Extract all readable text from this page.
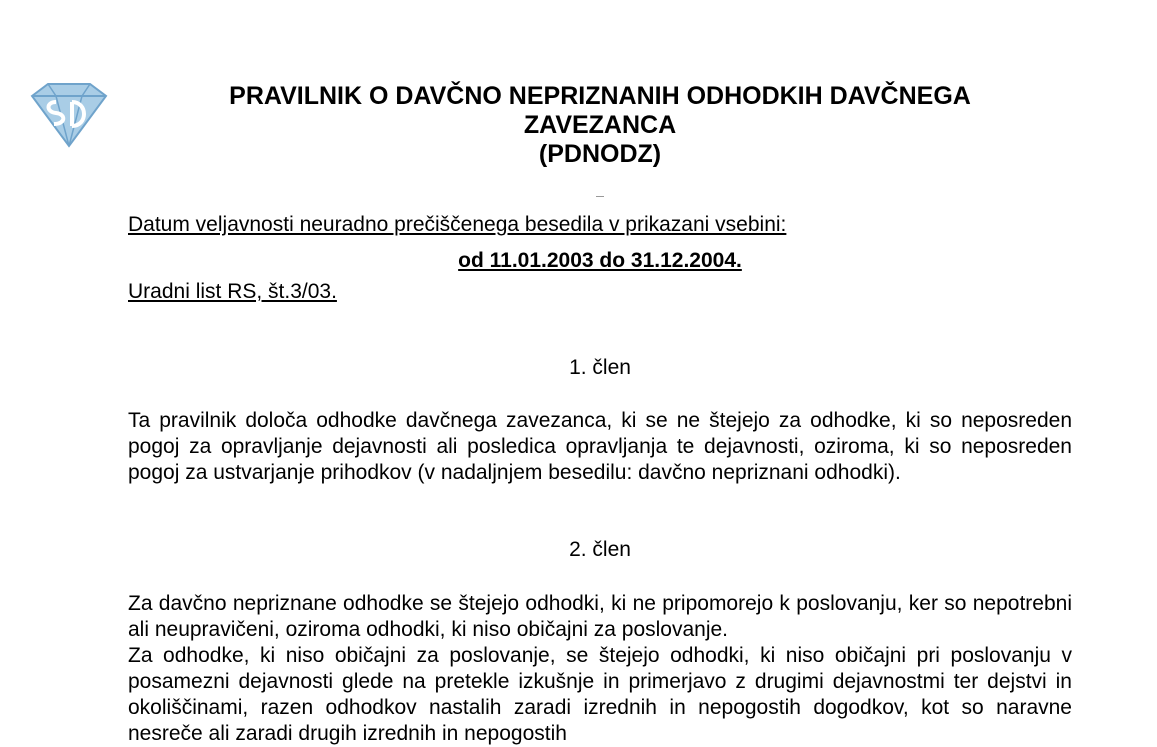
PRAVILNIK O DAVČNO NEPRIZNANIH ODHODKIH DAVČNEGA
ZAVEZANCA
(PDNODZ)
Datum veljavnosti neuradno prečiščenega besedila v prikazani vsebini:
od 11.01.2003 do 31.12.2004.
Uradni list RS, št.3/03.
1. člen

Ta pravilnik določa odhodke davčnega zavezanca, ki se ne štejejo za odhodke, ki so neposreden pogoj za opravljanje dejavnosti ali posledica opravljanja te dejavnosti, oziroma, ki so neposreden pogoj za ustvarjanje prihodkov (v nadaljnjem besedilu: davčno nepriznani odhodki).

2. člen

Za davčno nepriznane odhodke se štejejo odhodki, ki ne pripomorejo k poslovanju, ker so nepotrebni ali neupravičeni, oziroma odhodki, ki niso običajni za poslovanje.

Za odhodke, ki niso običajni za poslovanje, se štejejo odhodki, ki niso običajni pri poslovanju v posamezni dejavnosti glede na pretekle izkušnje in primerjavo z drugimi dejavnostmi ter dejstvi in okoliščinami, razen odhodkov nastalih zaradi izrednih in nepogostih dogodkov, kot so naravne nesreče ali zaradi drugih izrednih in nepogostih
